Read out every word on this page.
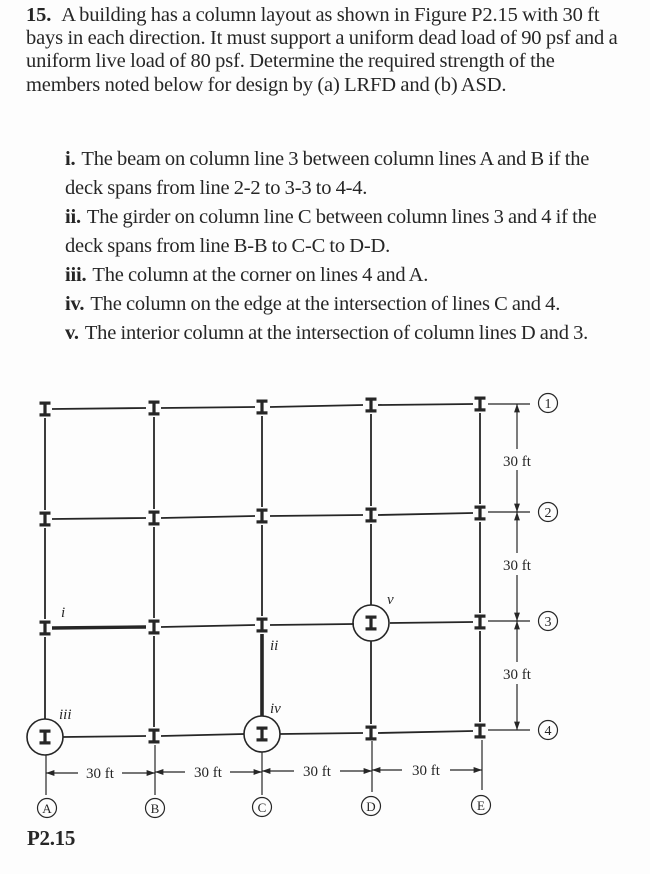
15. A building has a column layout as shown in Figure P2.15 with 30 ft bays in each direction. It must support a uniform dead load of 90 psf and a uniform live load of 80 psf. Determine the required strength of the members noted below for design by (a) LRFD and (b) ASD.
i. The beam on column line 3 between column lines A and B if the deck spans from line 2-2 to 3-3 to 4-4.
ii. The girder on column line C between column lines 3 and 4 if the deck spans from line B-B to C-C to D-D.
iii. The column at the corner on lines 4 and A.
iv. The column on the edge at the intersection of lines C and 4.
v. The interior column at the intersection of column lines D and 3.
i
ii
iii	iv
v
30 ft
30 ft
30 ft
1
2
3
4
30 ft	30 ft	30 ft	30 ft
A	B	C	D	E
P2.15
